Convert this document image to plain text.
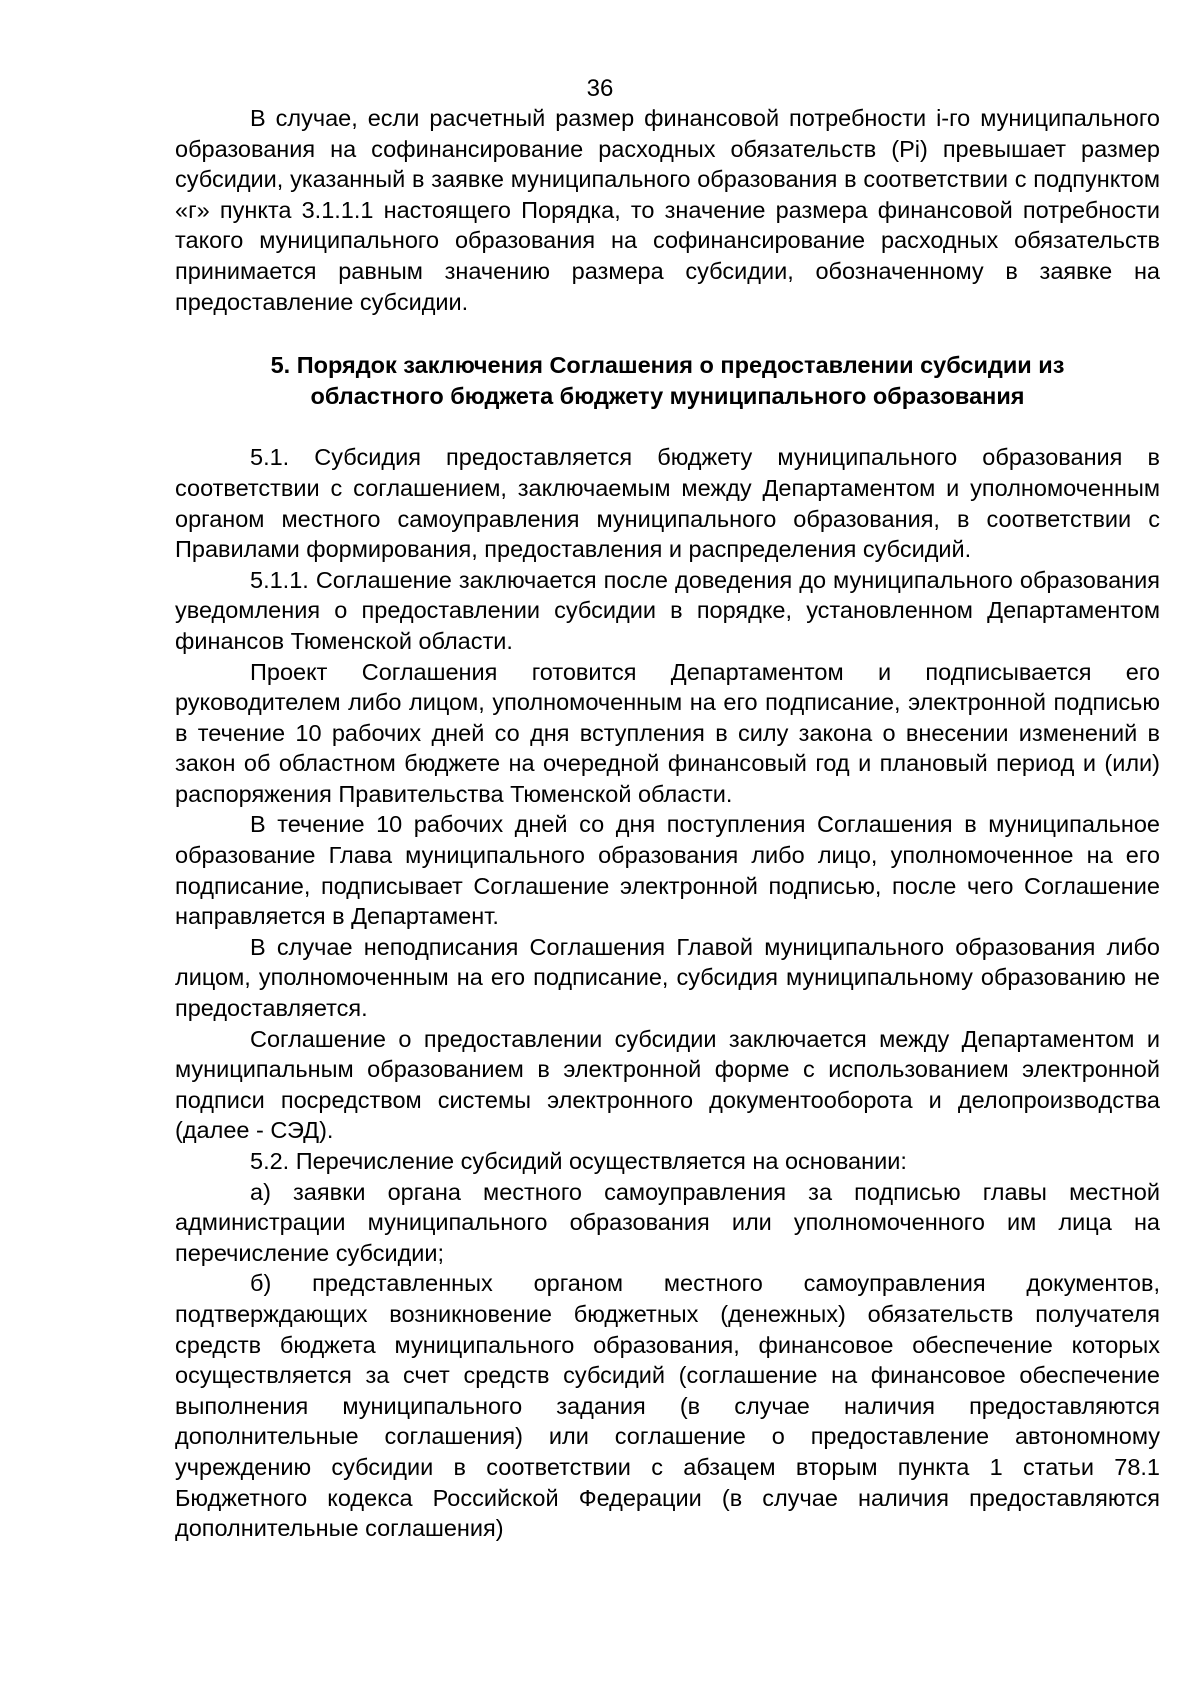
36

В случае, если расчетный размер финансовой потребности i-го муниципального образования на софинансирование расходных обязательств (Pi) превышает размер субсидии, указанный в заявке муниципального образования в соответствии с подпунктом «г» пункта 3.1.1.1 настоящего Порядка, то значение размера финансовой потребности такого муниципального образования на софинансирование расходных обязательств принимается равным значению размера субсидии, обозначенному в заявке на предоставление субсидии.

5. Порядок заключения Соглашения о предоставлении субсидии из
областного бюджета бюджету муниципального образования

5.1. Субсидия предоставляется бюджету муниципального образования в соответствии с соглашением, заключаемым между Департаментом и уполномоченным органом местного самоуправления муниципального образования, в соответствии с Правилами формирования, предоставления и распределения субсидий.

5.1.1. Соглашение заключается после доведения до муниципального образования уведомления о предоставлении субсидии в порядке, установленном Департаментом финансов Тюменской области.

Проект Соглашения готовится Департаментом и подписывается его руководителем либо лицом, уполномоченным на его подписание, электронной подписью в течение 10 рабочих дней со дня вступления в силу закона о внесении изменений в закон об областном бюджете на очередной финансовый год и плановый период и (или) распоряжения Правительства Тюменской области.

В течение 10 рабочих дней со дня поступления Соглашения в муниципальное образование Глава муниципального образования либо лицо, уполномоченное на его подписание, подписывает Соглашение электронной подписью, после чего Соглашение направляется в Департамент.

В случае неподписания Соглашения Главой муниципального образования либо лицом, уполномоченным на его подписание, субсидия муниципальному образованию не предоставляется.

Соглашение о предоставлении субсидии заключается между Департаментом и муниципальным образованием в электронной форме с использованием электронной подписи посредством системы электронного документооборота и делопроизводства (далее - СЭД).

5.2. Перечисление субсидий осуществляется на основании:

а) заявки органа местного самоуправления за подписью главы местной администрации муниципального образования или уполномоченного им лица на перечисление субсидии;

б) представленных органом местного самоуправления документов, подтверждающих возникновение бюджетных (денежных) обязательств получателя средств бюджета муниципального образования, финансовое обеспечение которых осуществляется за счет средств субсидий (соглашение на финансовое обеспечение выполнения муниципального задания (в случае наличия предоставляются дополнительные соглашения) или соглашение о предоставление автономному учреждению субсидии в соответствии с абзацем вторым пункта 1 статьи 78.1 Бюджетного кодекса Российской Федерации (в случае наличия предоставляются дополнительные соглашения)
